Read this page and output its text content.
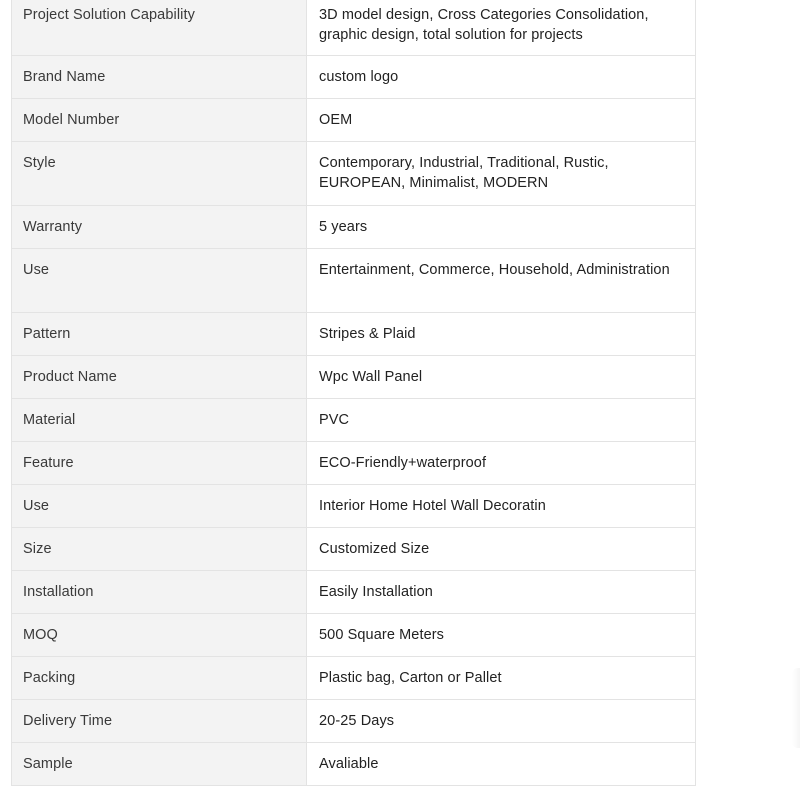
Project Solution Capability	3D model design, Cross Categories Consolidation, graphic design, total solution for projects
Brand Name	custom logo
Model Number	OEM
Style	Contemporary, Industrial, Traditional, Rustic, EUROPEAN, Minimalist, MODERN
Warranty	5 years
Use	Entertainment, Commerce, Household, Administration
Pattern	Stripes & Plaid
Product Name	Wpc Wall Panel
Material	PVC
Feature	ECO-Friendly+waterproof
Use	Interior Home Hotel Wall Decoratin
Size	Customized Size
Installation	Easily Installation
MOQ	500 Square Meters
Packing	Plastic bag, Carton or Pallet
Delivery Time	20-25 Days
Sample	Avaliable
